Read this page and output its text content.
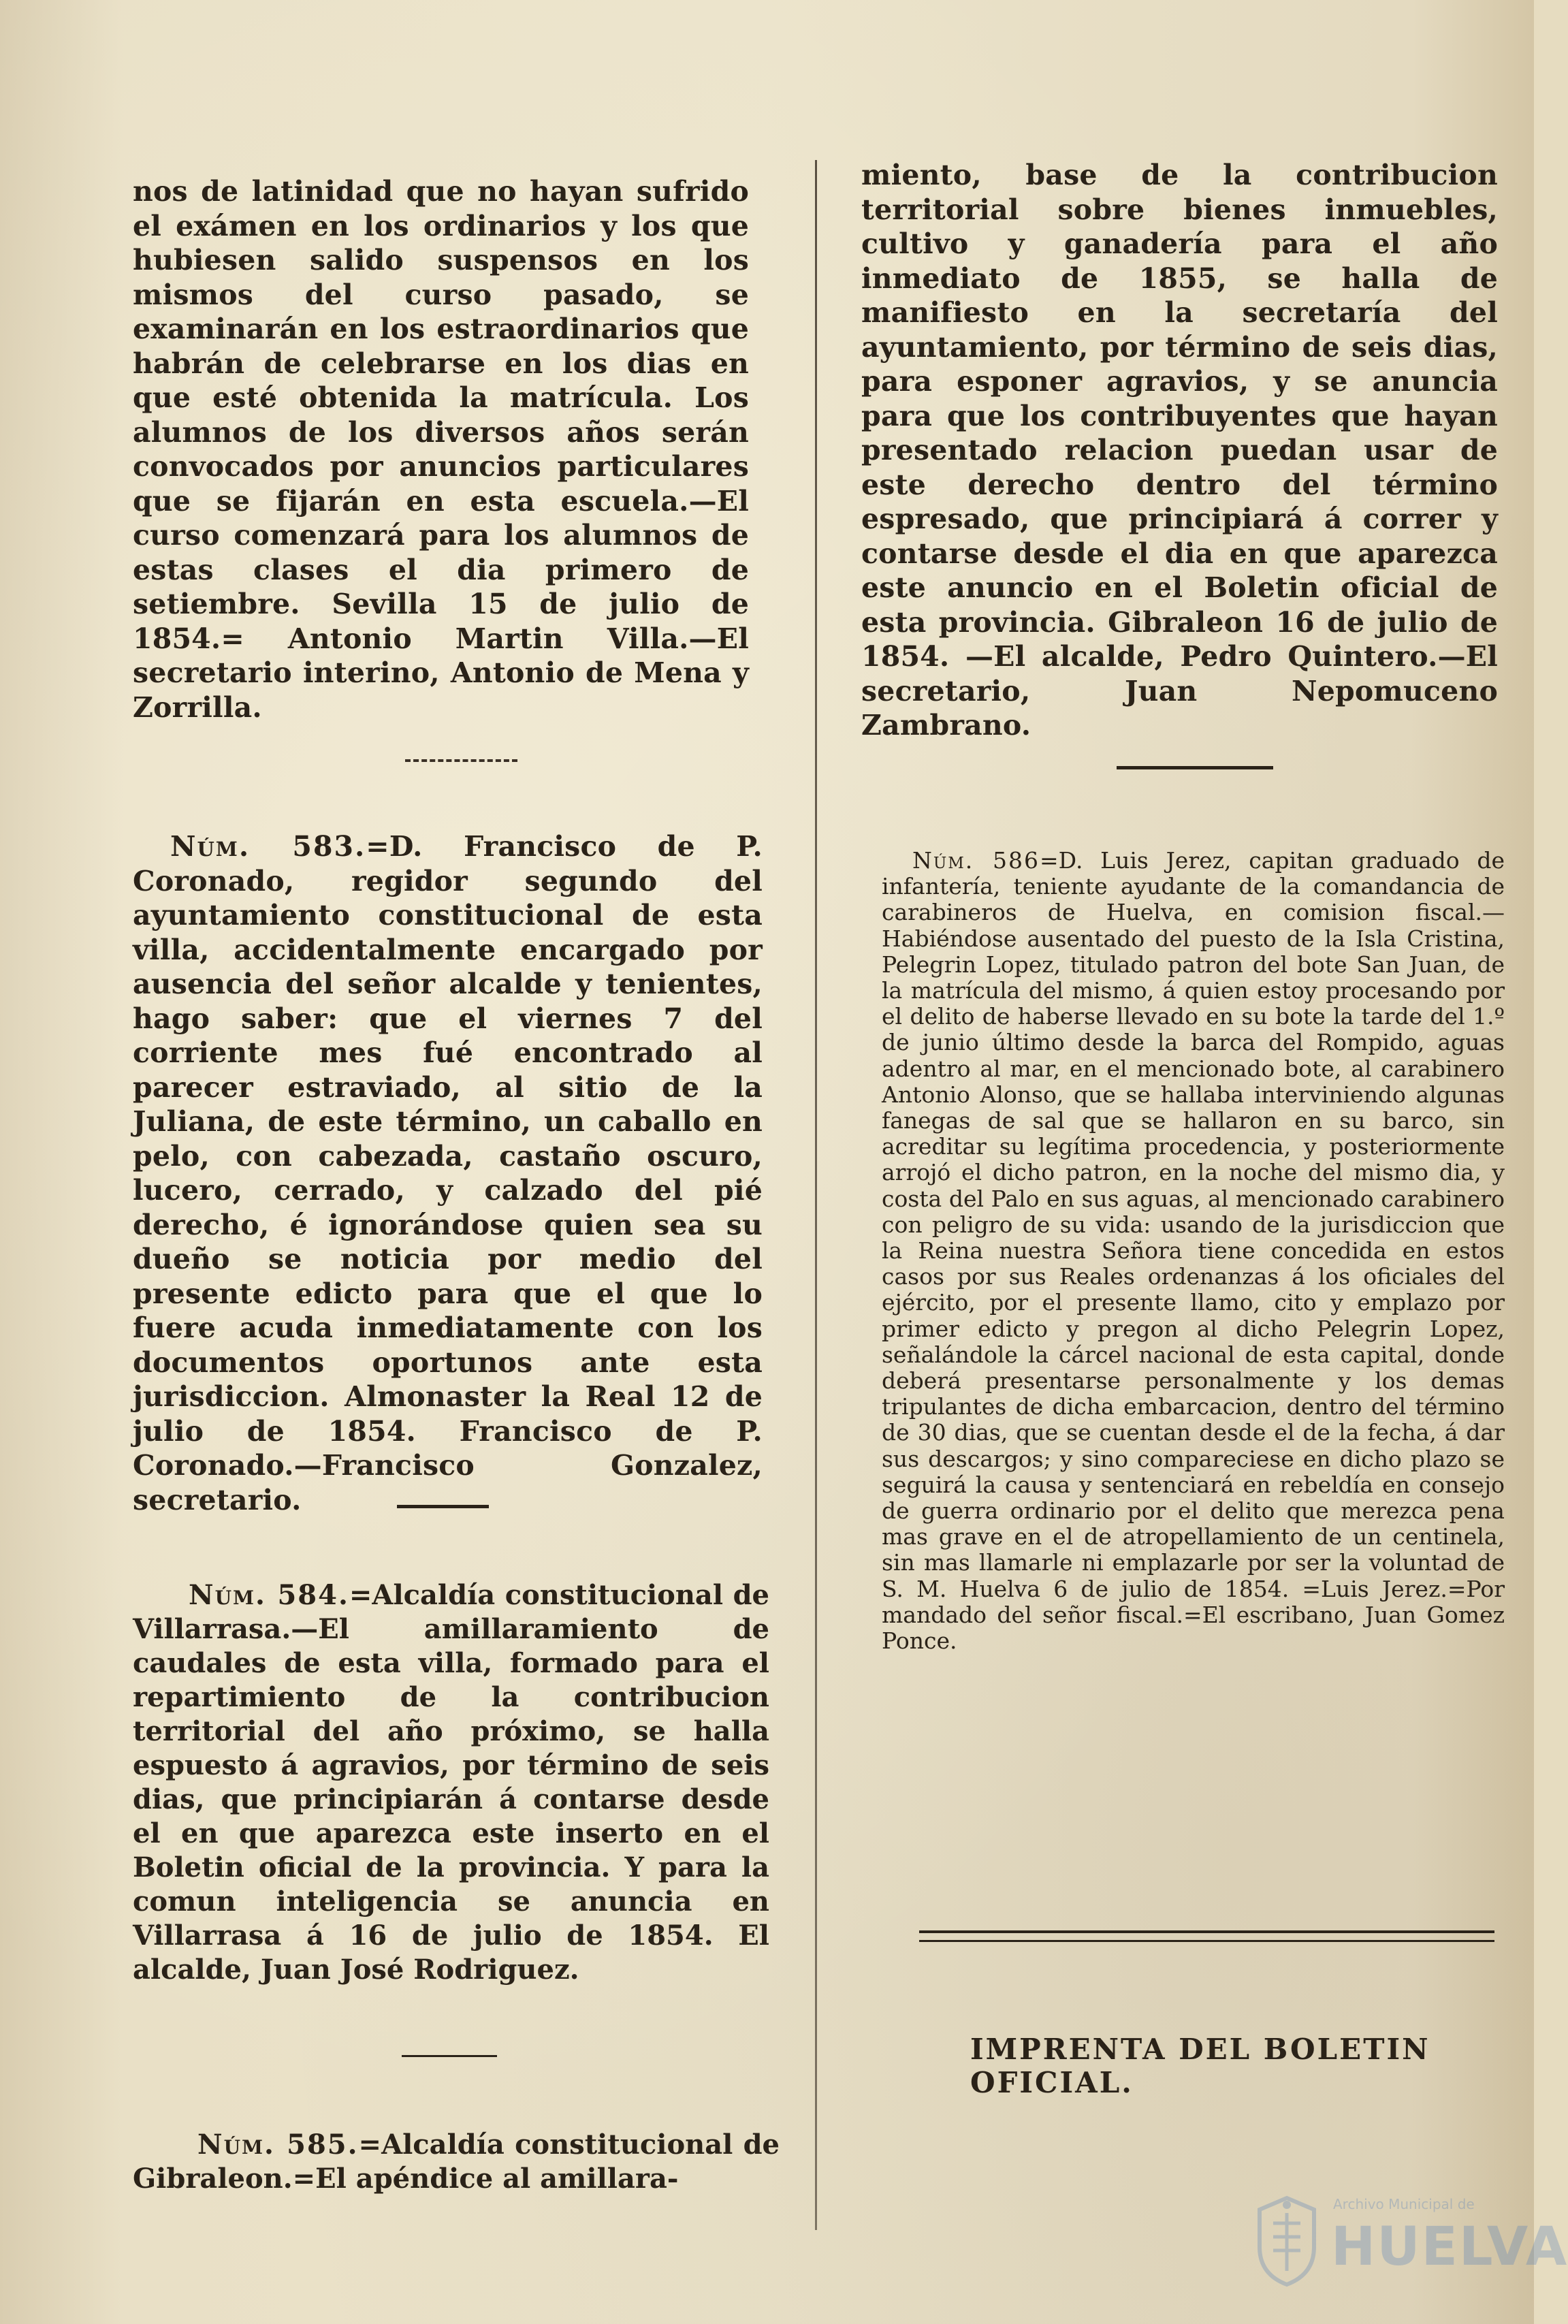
nos de latinidad que no hayan sufrido el exámen en los ordinarios y los que hubiesen salido suspensos en los mismos del curso pasado, se examinarán en los estraordinarios que habrán de celebrarse en los dias en que esté obtenida la matrícula. Los alumnos de los diversos años serán convocados por anuncios particulares que se fijarán en esta escuela.—El curso comenzará para los alumnos de estas clases el dia primero de setiembre. Sevilla 15 de julio de 1854.= Antonio Martin Villa.—El secretario interino, Antonio de Mena y Zorrilla.

Núm. 583.=D. Francisco de P. Coronado, regidor segundo del ayuntamiento constitucional de esta villa, accidentalmente encargado por ausencia del señor alcalde y tenientes, hago saber: que el viernes 7 del corriente mes fué encontrado al parecer estraviado, al sitio de la Juliana, de este término, un caballo en pelo, con cabezada, castaño oscuro, lucero, cerrado, y calzado del pié derecho, é ignorándose quien sea su dueño se noticia por medio del presente edicto para que el que lo fuere acuda inmediatamente con los documentos oportunos ante esta jurisdiccion. Almonaster la Real 12 de julio de 1854. Francisco de P. Coronado.—Francisco Gonzalez, secretario.
Núm. 584.=Alcaldía constitucional de Villarrasa.—El amillaramiento de caudales de esta villa, formado para el repartimiento de la contribucion territorial del año próximo, se halla espuesto á agravios, por término de seis dias, que principiarán á contarse desde el en que aparezca este inserto en el Boletin oficial de la provincia. Y para la comun inteligencia se anuncia en Villarrasa á 16 de julio de 1854. El alcalde, Juan José Rodriguez.
Núm. 585.=Alcaldía constitucional de Gibraleon.=El apéndice al amillara-

miento, base de la contribucion territorial sobre bienes inmuebles, cultivo y ganadería para el año inmediato de 1855, se halla de manifiesto en la secretaría del ayuntamiento, por término de seis dias, para esponer agravios, y se anuncia para que los contribuyentes que hayan presentado relacion puedan usar de este derecho dentro del término espresado, que principiará á correr y contarse desde el dia en que aparezca este anuncio en el Boletin oficial de esta provincia. Gibraleon 16 de julio de 1854. —El alcalde, Pedro Quintero.—El secretario, Juan Nepomuceno Zambrano.

Núm. 586=D. Luis Jerez, capitan graduado de infantería, teniente ayudante de la comandancia de carabineros de Huelva, en comision fiscal.—Habiéndose ausentado del puesto de la Isla Cristina, Pelegrin Lopez, titulado patron del bote San Juan, de la matrícula del mismo, á quien estoy procesando por el delito de haberse llevado en su bote la tarde del 1.º de junio último desde la barca del Rompido, aguas adentro al mar, en el mencionado bote, al carabinero Antonio Alonso, que se hallaba interviniendo algunas fanegas de sal que se hallaron en su barco, sin acreditar su legítima procedencia, y posteriormente arrojó el dicho patron, en la noche del mismo dia, y costa del Palo en sus aguas, al mencionado carabinero con peligro de su vida: usando de la jurisdiccion que la Reina nuestra Señora tiene concedida en estos casos por sus Reales ordenanzas á los oficiales del ejército, por el presente llamo, cito y emplazo por primer edicto y pregon al dicho Pelegrin Lopez, señalándole la cárcel nacional de esta capital, donde deberá presentarse personalmente y los demas tripulantes de dicha embarcacion, dentro del término de 30 dias, que se cuentan desde el de la fecha, á dar sus descargos; y sino compareciese en dicho plazo se seguirá la causa y sentenciará en rebeldía en consejo de guerra ordinario por el delito que merezca pena mas grave en el de atropellamiento de un centinela, sin mas llamarle ni emplazarle por ser la voluntad de S. M. Huelva 6 de julio de 1854. =Luis Jerez.=Por mandado del señor fiscal.=El escribano, Juan Gomez Ponce.
IMPRENTA DEL BOLETIN OFICIAL.
Archivo Municipal de
HUELVA
